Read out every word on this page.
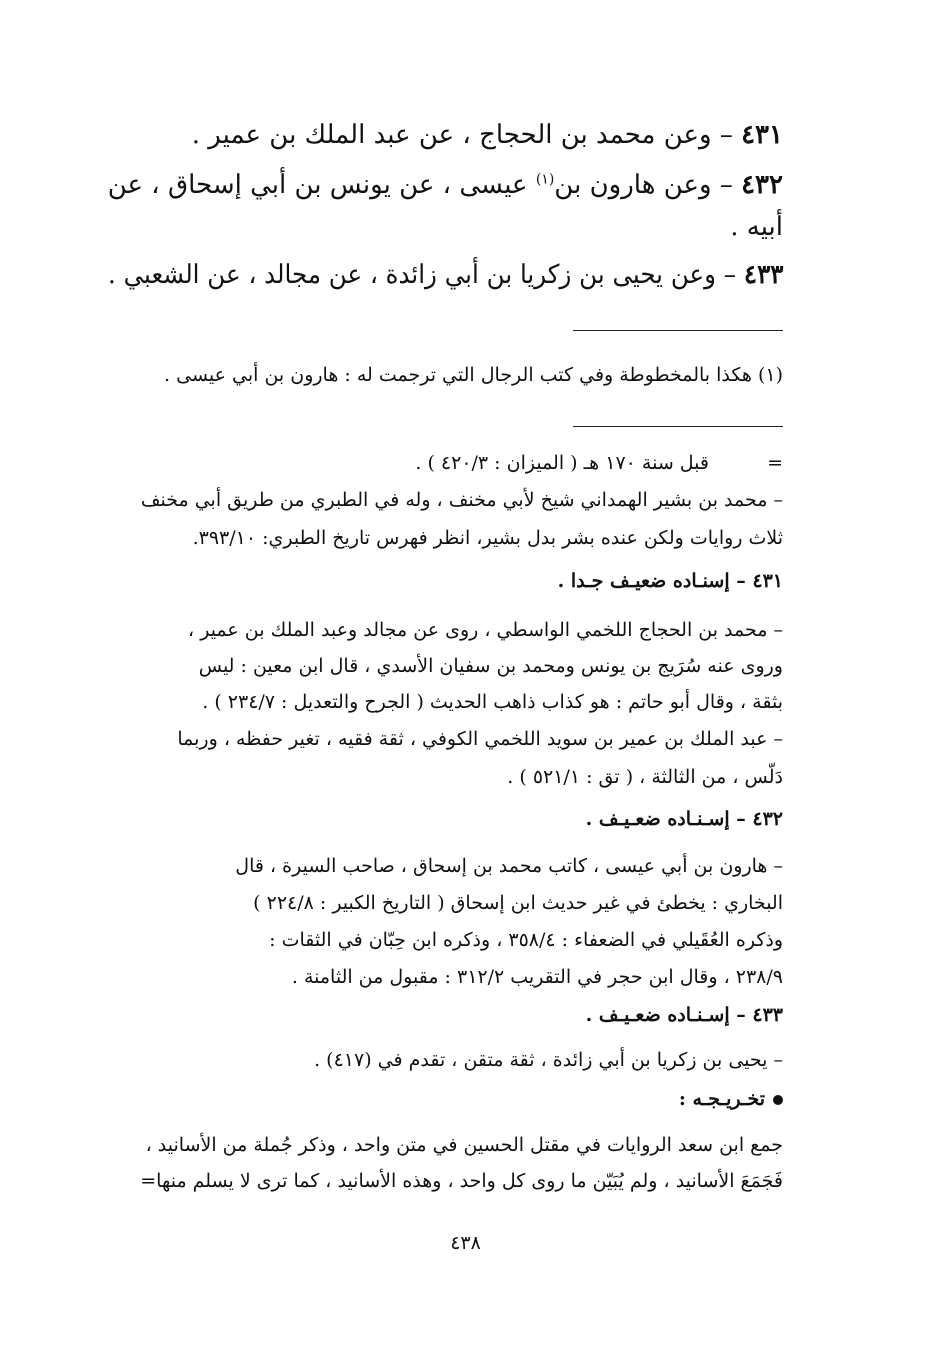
٤٣١ – وعن محمد بن الحجاج ، عن عبد الملك بن عمير .
٤٣٢ – وعن هارون بن$^{(١)}$ عيسى ، عن يونس بن أبي إسحاق ، عن
أبيه .
٤٣٣ – وعن يحيى بن زكريا بن أبي زائدة ، عن مجالد ، عن الشعبي .
(١) هكذا بالمخطوطة وفي كتب الرجال التي ترجمت له : هارون بن أبي عيسى .
=
قبل سنة ١٧٠ هـ ( الميزان : ٤٢٠/٣ ) .
– محمد بن بشير الهمداني شيخ لأبي مخنف ، وله في الطبري من طريق أبي مخنف
ثلاث روايات ولكن عنده بشر بدل بشير، انظر فهرس تاريخ الطبري: ٣٩٣/١٠.
٤٣١ – إسنـاده ضعيـف جـدا .
– محمد بن الحجاج اللخمي الواسطي ، روى عن مجالد وعبد الملك بن عمير ،
وروى عنه سُرَيج بن يونس ومحمد بن سفيان الأسدي ، قال ابن معين : ليس
بثقة ، وقال أبو حاتم : هو كذاب ذاهب الحديث ( الجرح والتعديل : ٢٣٤/٧ ) .
– عبد الملك بن عمير بن سويد اللخمي الكوفي ، ثقة فقيه ، تغير حفظه ، وربما
دَلّس ، من الثالثة ، ( تق : ٥٢١/١ ) .
٤٣٢ – إسـنـاده ضعـيـف .
– هارون بن أبي عيسى ، كاتب محمد بن إسحاق ، صاحب السيرة ، قال
البخاري : يخطئ في غير حديث ابن إسحاق ( التاريخ الكبير : ٢٢٤/٨ )
وذكره العُقَيلي في الضعفاء : ٣٥٨/٤ ، وذكره ابن حِبّان في الثقات :
٢٣٨/٩ ، وقال ابن حجر في التقريب ٣١٢/٢ : مقبول من الثامنة .
٤٣٣ – إسـنـاده ضعـيـف .
– يحيى بن زكريا بن أبي زائدة ، ثقة متقن ، تقدم في (٤١٧) .
تخـريـجـه :
جمع ابن سعد الروايات في مقتل الحسين في متن واحد ، وذكر جُملة من الأسانيد ،
فَجَمَعَ الأسانيد ، ولم يُبَيّن ما روى كل واحد ، وهذه الأسانيد ، كما ترى لا يسلم منها=
٤٣٨
